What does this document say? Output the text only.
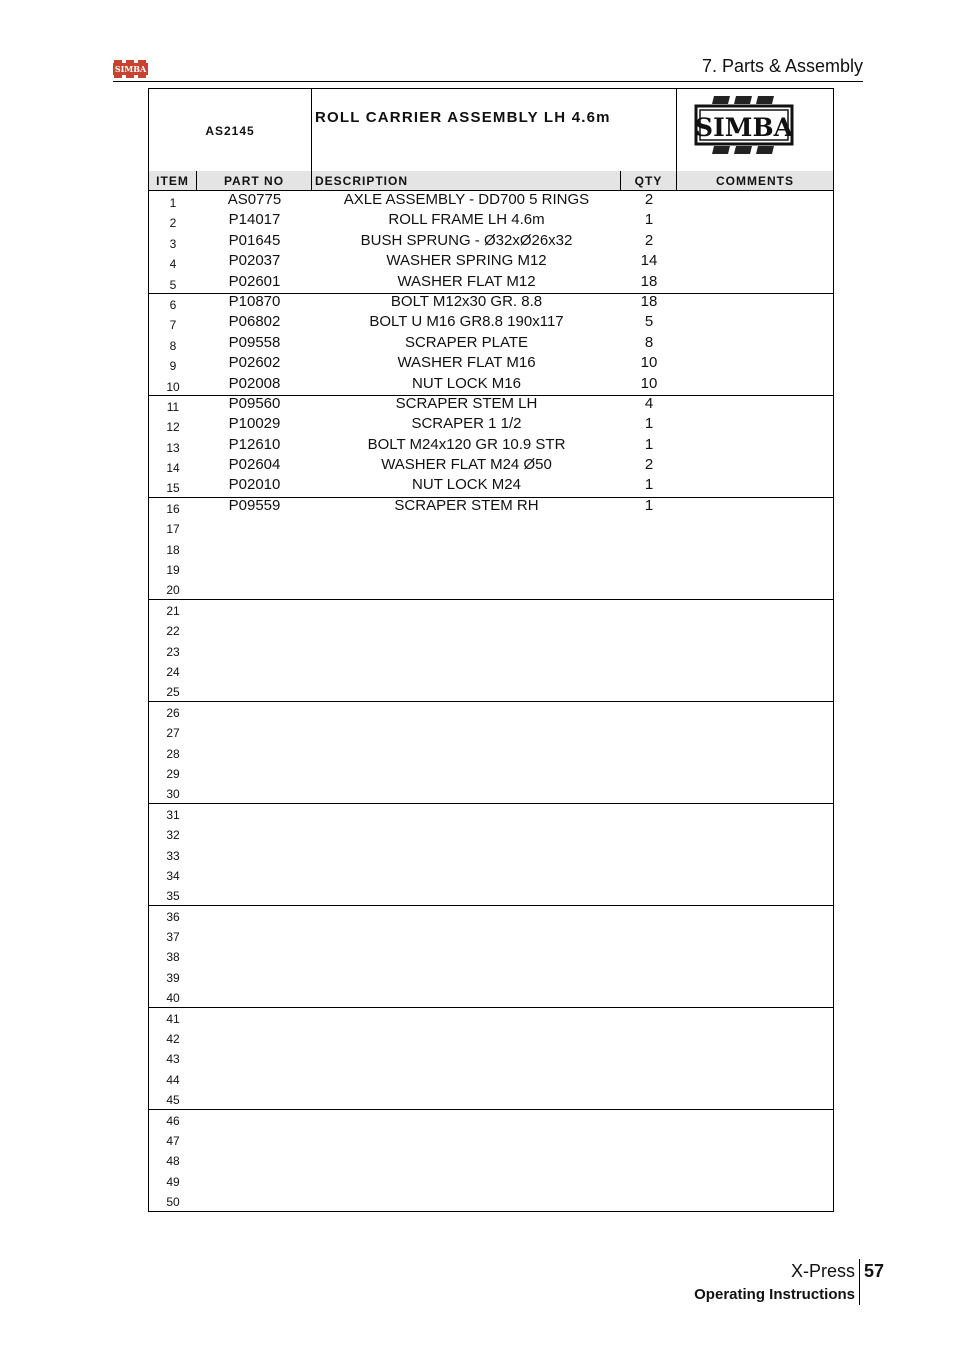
SIMBA	7. Parts & Assembly
AS2145
ROLL CARRIER ASSEMBLY LH 4.6m	SIMBA
ITEM	PART NO	DESCRIPTION	QTY	COMMENTS
1	AS0775	AXLE ASSEMBLY - DD700 5 RINGS	2
2	P14017	ROLL FRAME LH 4.6m	1
3	P01645	BUSH SPRUNG - Ø32xØ26x32	2
4	P02037	WASHER SPRING M12	14
5	P02601	WASHER FLAT M12	18
6	P10870	BOLT M12x30 GR. 8.8	18
7	P06802	BOLT U M16 GR8.8 190x117	5
8	P09558	SCRAPER PLATE	8
9	P02602	WASHER FLAT M16	10
10	P02008	NUT LOCK M16	10
11	P09560	SCRAPER STEM LH	4
12	P10029	SCRAPER 1 1/2	1
13	P12610	BOLT M24x120 GR 10.9 STR	1
14	P02604	WASHER FLAT M24 Ø50	2
15	P02010	NUT LOCK M24	1
16	P09559	SCRAPER STEM RH	1
17
18
19
20
21
22
23
24
25
26
27
28
29
30
31
32
33
34
35
36
37
38
39
40
41
42
43
44
45
46
47
48
49
50
X-Press 57
Operating Instructions
